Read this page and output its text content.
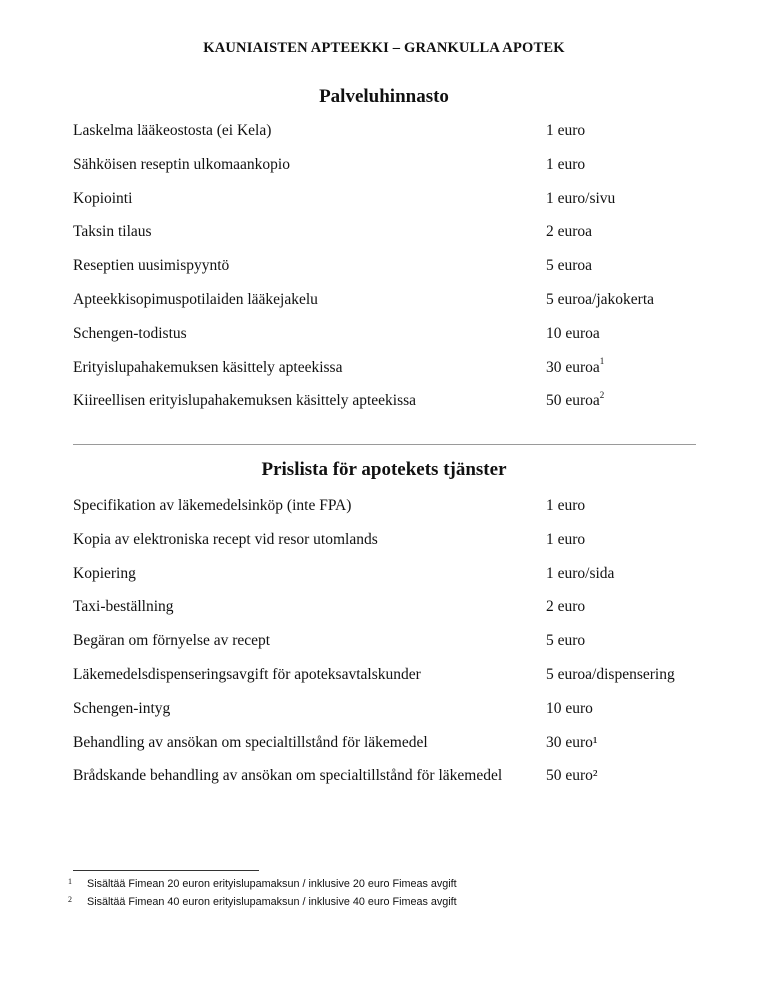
KAUNIAISTEN APTEEKKI – GRANKULLA APOTEK
Palveluhinnasto
Laskelma lääkeostosta (ei Kela)	1 euro
Sähköisen reseptin ulkomaankopio	1 euro
Kopiointi	1 euro/sivu
Taksin tilaus	2 euroa
Reseptien uusimispyyntö	5 euroa
Apteekkisopimuspotilaiden lääkejakelu	5 euroa/jakokerta
Schengen-todistus	10 euroa
Erityislupahakemuksen käsittely apteekissa	30 euroa$^1$
Kiireellisen erityislupahakemuksen käsittely apteekissa	50 euroa$^2$
Prislista för apotekets tjänster
Specifikation av läkemedelsinköp (inte FPA)	1 euro
Kopia av elektroniska recept vid resor utomlands	1 euro
Kopiering	1 euro/sida
Taxi-beställning	2 euro
Begäran om förnyelse av recept	5 euro
Läkemedelsdispenseringsavgift för apoteksavtalskunder	5 euroa/dispensering
Schengen-intyg	10 euro
Behandling av ansökan om specialtillstånd för läkemedel	30 euro¹
Brådskande behandling av ansökan om specialtillstånd för läkemedel	50 euro²
1 Sisältää Fimean 20 euron erityislupamaksun / inklusive 20 euro Fimeas avgift
2 Sisältää Fimean 40 euron erityislupamaksun / inklusive 40 euro Fimeas avgift
